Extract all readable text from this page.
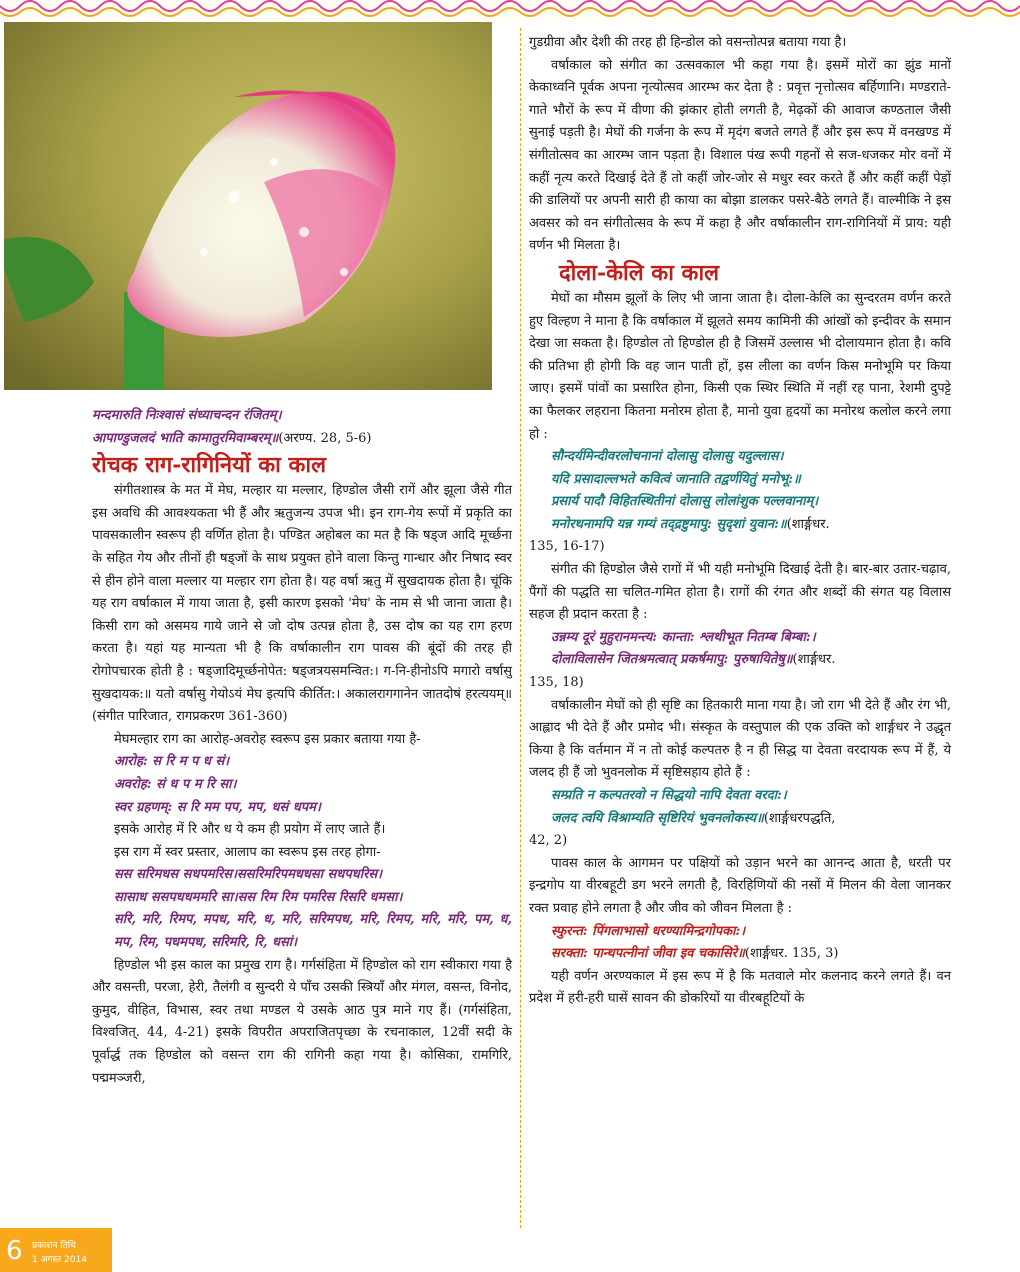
मन्दमारुति निःश्वासं संध्याचन्दन रंजितम्।
आपाण्डुजलदं भाति कामातुरमिवाम्बरम्॥(अरण्य. 28, 5-6)
रोचक राग-रागिनियों का काल

संगीतशास्त्र के मत में मेघ, मल्हार या मल्लार, हिण्डोल जैसी रागें और झूला जैसे गीत इस अवधि की आवश्यकता भी हैं और ऋतुजन्य उपज भी। इन राग-गेय रूपों में प्रकृति का पावसकालीन स्वरूप ही वर्णित होता है। पण्डित अहोबल का मत है कि षड्ज आदि मूर्च्छना के सहित गेय और तीनों ही षड्जों के साथ प्रयुक्त होने वाला किन्तु गान्धार और निषाद स्वर से हीन होने वाला मल्लार या मल्हार राग होता है। यह वर्षा ऋतु में सुखदायक होता है। चूंकि यह राग वर्षाकाल में गाया जाता है, इसी कारण इसको 'मेघ' के नाम से भी जाना जाता है। किसी राग को असमय गाये जाने से जो दोष उत्पन्न होता है, उस दोष का यह राग हरण करता है। यहां यह मान्यता भी है कि वर्षाकालीन राग पावस की बूंदों की तरह ही रोगोपचारक होती है : षड्जादिमूर्च्छनोपेत: षड्जत्रयसमन्वित:। ग-नि-हीनोऽपि मगारो वर्षासु सुखदायक:॥ यतो वर्षासु गेयोऽयं मेघ इत्यपि कीर्तित:। अकालरागगानेन जातदोषं हरत्ययम्॥ (संगीत पारिजात, रागप्रकरण 361-360)

मेघमल्हार राग का आरोह-अवरोह स्वरूप इस प्रकार बताया गया है-

आरोह: स रि म प ध सं।
अवरोह: सं ध प म रि सा।
स्वर ग्रहणम्: स रि मम पप, मप, धसं धपम।

इसके आरोह में रि और ध ये कम ही प्रयोग में लाए जाते हैं।

इस राग में स्वर प्रस्तार, आलाप का स्वरूप इस तरह होगा-

सस सरिमधस सधपमरिस।ससरिमरिपमधधसा सधपधरिस।
सासाध ससपधधममरि सा।सस रिम रिम पमरिस रिसरि धमसा।
सरि, मरि, रिमप, मपध, मरि, ध, मरि, सरिमपध, मरि, रिमप, मरि, मरि, पम, ध, मप, रिम, पधमपध, सरिमरि, रि, धसां।

हिण्डोल भी इस काल का प्रमुख राग है। गर्गसंहिता में हिण्डोल को राग स्वीकारा गया है और वसन्ती, परजा, हेरी, तैलंगी व सुन्दरी ये पाँच उसकी स्त्रियाँ और मंगल, वसन्त, विनोद, कुमुद, वीहित, विभास, स्वर तथा मण्डल ये उसके आठ पुत्र माने गए हैं। (गर्गसंहिता, विश्वजित्. 44, 4-21) इसके विपरीत अपराजितपृच्छा के रचनाकाल, 12वीं सदी के पूर्वार्द्ध तक हिण्डोल को वसन्त राग की रागिनी कहा गया है। कोसिका, रामगिरि, पद्ममञ्जरी,

गुडग्रीवा और देशी की तरह ही हिन्डोल को वसन्तोत्पन्न बताया गया है।

वर्षाकाल को संगीत का उत्सवकाल भी कहा गया है। इसमें मोरों का झुंड मानों केकाध्वनि पूर्वक अपना नृत्योत्सव आरम्भ कर देता है : प्रवृत्त नृत्तोत्सव बर्हिणानि। मण्डराते-गाते भौरों के रूप में वीणा की झंकार होती लगती है, मेढ़कों की आवाज कण्ठताल जैसी सुनाई पड़ती है। मेघों की गर्जना के रूप में मृदंग बजते लगते हैं और इस रूप में वनखण्ड में संगीतोत्सव का आरम्भ जान पड़ता है। विशाल पंख रूपी गहनों से सज-धजकर मोर वनों में कहीं नृत्य करते दिखाई देते हैं तो कहीं जोर-जोर से मधुर स्वर करते हैं और कहीं कहीं पेड़ों की डालियों पर अपनी सारी ही काया का बोझा डालकर पसरे-बैठे लगते हैं। वाल्मीकि ने इस अवसर को वन संगीतोत्सव के रूप में कहा है और वर्षाकालीन राग-रागिनियों में प्राय: यही वर्णन भी मिलता है।

दोला-केलि का काल

मेघों का मौसम झूलों के लिए भी जाना जाता है। दोला-केलि का सुन्दरतम वर्णन करते हुए विल्हण ने माना है कि वर्षाकाल में झूलते समय कामिनी की आंखों को इन्दीवर के समान देखा जा सकता है। हिण्डोल तो हिण्डोल ही है जिसमें उल्लास भी दोलायमान होता है। कवि की प्रतिभा ही होगी कि वह जान पाती हों, इस लीला का वर्णन किस मनोभूमि पर किया जाए। इसमें पांवों का प्रसारित होना, किसी एक स्थिर स्थिति में नहीं रह पाना, रेशमी दुपट्टे का फैलकर लहराना कितना मनोरम होता है, मानो युवा हृदयों का मनोरथ कलोल करने लगा हो :

सौन्दर्यमिन्दीवरलोचनानां दोलासु दोलासु यदुल्लास।
यदि प्रसादाल्लभते कवित्वं जानाति तद्वर्णयितुं मनोभू:॥
प्रसार्य पादौ विहितस्थितीनां दोलासु लोलांशुक पल्लवानाम्।
मनोरथनामपि यन्न गम्यं तद्द्रष्टुमापु: सुदृशां युवान:॥(शार्ङ्गधर.
135, 16-17)

संगीत की हिण्डोल जैसे रागों में भी यही मनोभूमि दिखाई देती है। बार-बार उतार-चढ़ाव, पैंगों की पद्धति सा चलित-गमित होता है। रागों की रंगत और शब्दों की संगत यह विलास सहज ही प्रदान करता है :

उन्नम्य दूरं मुहुरानमन्त्य: कान्ता: श्लथीभूत नितम्ब बिम्बा:।
दोलाविलासेन जितश्रमत्वात् प्रकर्षमापु: पुरुषायितेषु॥(शार्ङ्गधर.
135, 18)

वर्षाकालीन मेघों को ही सृष्टि का हितकारी माना गया है। जो राग भी देते हैं और रंग भी, आह्लाद भी देते हैं और प्रमोद भी। संस्कृत के वस्तुपाल की एक उक्ति को शार्ङ्गधर ने उद्धृत किया है कि वर्तमान में न तो कोई कल्पतरु है न ही सिद्ध या देवता वरदायक रूप में हैं, ये जलद ही हैं जो भुवनलोक में सृष्टिसहाय होते हैं :

सम्प्रति न कल्पतरवो न सिद्धयो नापि देवता वरदा:।
जलद त्वयि विश्राम्यति सृष्टिरियं भुवनलोकस्य॥(शार्ङ्गधरपद्धति,
42, 2)

पावस काल के आगमन पर पक्षियों को उड़ान भरने का आनन्द आता है, धरती पर इन्द्रगोप या वीरबहूटी डग भरने लगती है, विरहिणियों की नसों में मिलन की वेला जानकर रक्त प्रवाह होने लगता है और जीव को जीवन मिलता है :

स्फुरन्त: पिंगलाभासो धरण्यामिन्द्रगोपका:।
सरक्ता: पान्थपत्नीनां जीवा इव चकासिरे॥(शार्ङ्गधर. 135, 3)

यही वर्णन अरण्यकाल में इस रूप में है कि मतवाले मोर कलनाद करने लगते हैं। वन प्रदेश में हरी-हरी घासें सावन की डोकरियों या वीरबहूटियों के

6 प्रकाशन तिथि
1 अगस्त 2014
